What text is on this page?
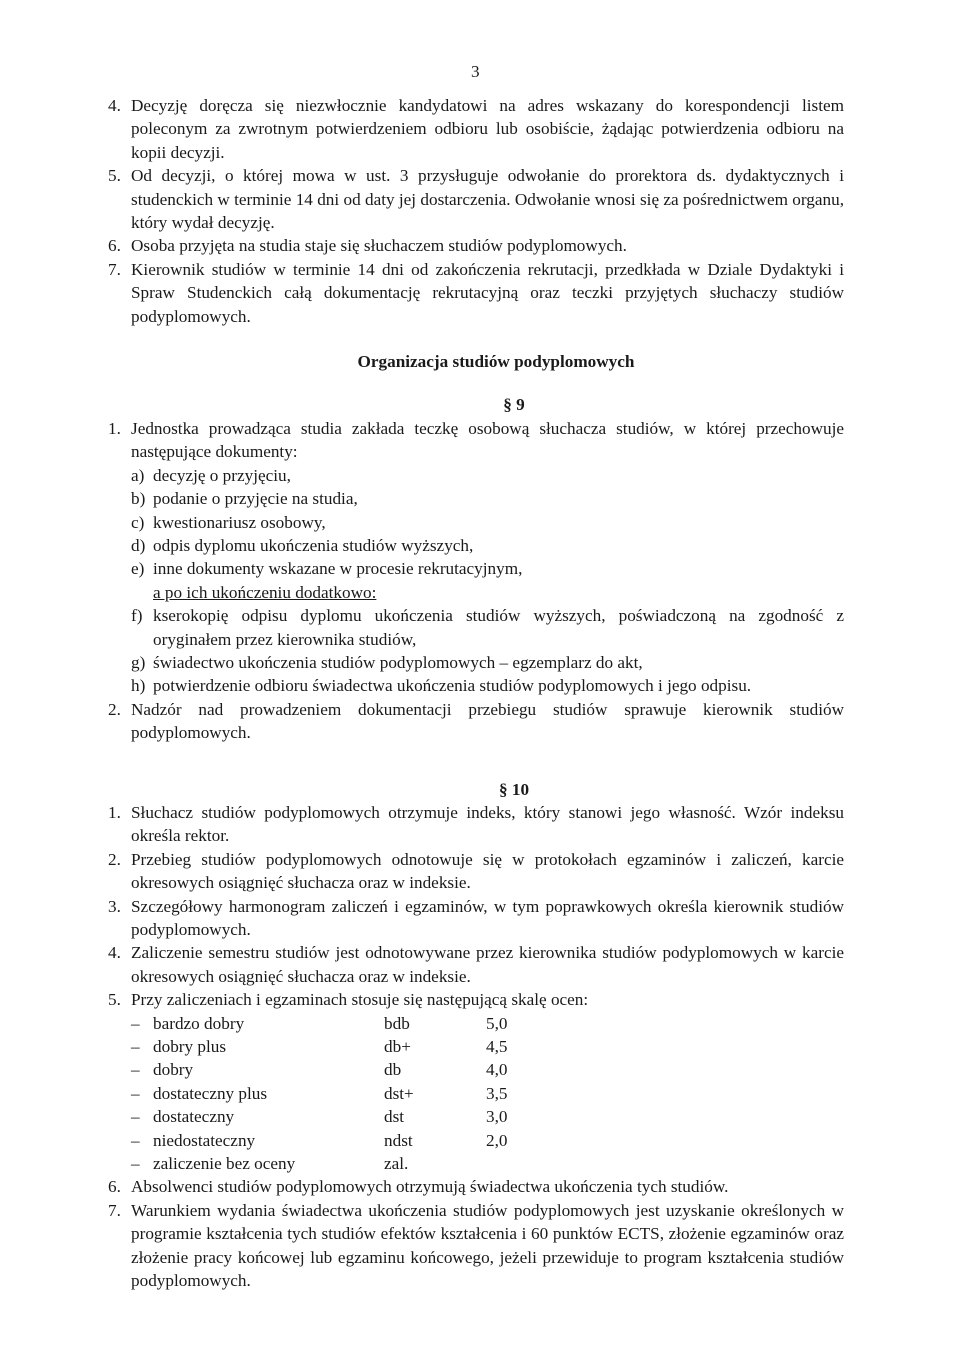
3
4. Decyzję doręcza się niezwłocznie kandydatowi na adres wskazany do korespondencji listem poleconym za zwrotnym potwierdzeniem odbioru lub osobiście, żądając potwierdzenia odbioru na kopii decyzji.
5. Od decyzji, o której mowa w ust. 3 przysługuje odwołanie do prorektora ds. dydaktycznych i studenckich w terminie 14 dni od daty jej dostarczenia. Odwołanie wnosi się za pośrednictwem organu, który wydał decyzję.
6. Osoba przyjęta na studia staje się słuchaczem studiów podyplomowych.
7. Kierownik studiów w terminie 14 dni od zakończenia rekrutacji, przedkłada w Dziale Dydaktyki i Spraw Studenckich całą dokumentację rekrutacyjną oraz teczki przyjętych słuchaczy studiów podyplomowych.
Organizacja studiów podyplomowych
§ 9
1. Jednostka prowadząca studia zakłada teczkę osobową słuchacza studiów, w której przechowuje następujące dokumenty:
a) decyzję o przyjęciu,
b) podanie o przyjęcie na studia,
c) kwestionariusz osobowy,
d) odpis dyplomu ukończenia studiów wyższych,
e) inne dokumenty wskazane w procesie rekrutacyjnym,
a po ich ukończeniu dodatkowo:
f) kserokopię odpisu dyplomu ukończenia studiów wyższych, poświadczoną na zgodność z oryginałem przez kierownika studiów,
g) świadectwo ukończenia studiów podyplomowych – egzemplarz do akt,
h) potwierdzenie odbioru świadectwa ukończenia studiów podyplomowych i jego odpisu.
2. Nadzór nad prowadzeniem dokumentacji przebiegu studiów sprawuje kierownik studiów podyplomowych.
§ 10
1. Słuchacz studiów podyplomowych otrzymuje indeks, który stanowi jego własność. Wzór indeksu określa rektor.
2. Przebieg studiów podyplomowych odnotowuje się w protokołach egzaminów i zaliczeń, karcie okresowych osiągnięć słuchacza oraz w indeksie.
3. Szczegółowy harmonogram zaliczeń i egzaminów, w tym poprawkowych określa kierownik studiów podyplomowych.
4. Zaliczenie semestru studiów jest odnotowywane przez kierownika studiów podyplomowych w karcie okresowych osiągnięć słuchacza oraz w indeksie.
5. Przy zaliczeniach i egzaminach stosuje się następującą skalę ocen:
– bardzo dobry	bdb	5,0
– dobry plus	db+	4,5
– dobry	db	4,0
– dostateczny plus	dst+	3,5
– dostateczny	dst	3,0
– niedostateczny	ndst	2,0
– zaliczenie bez oceny	zal.
6. Absolwenci studiów podyplomowych otrzymują świadectwa ukończenia tych studiów.
7. Warunkiem wydania świadectwa ukończenia studiów podyplomowych jest uzyskanie określonych w programie kształcenia tych studiów efektów kształcenia i 60 punktów ECTS, złożenie egzaminów oraz złożenie pracy końcowej lub egzaminu końcowego, jeżeli przewiduje to program kształcenia studiów podyplomowych.
